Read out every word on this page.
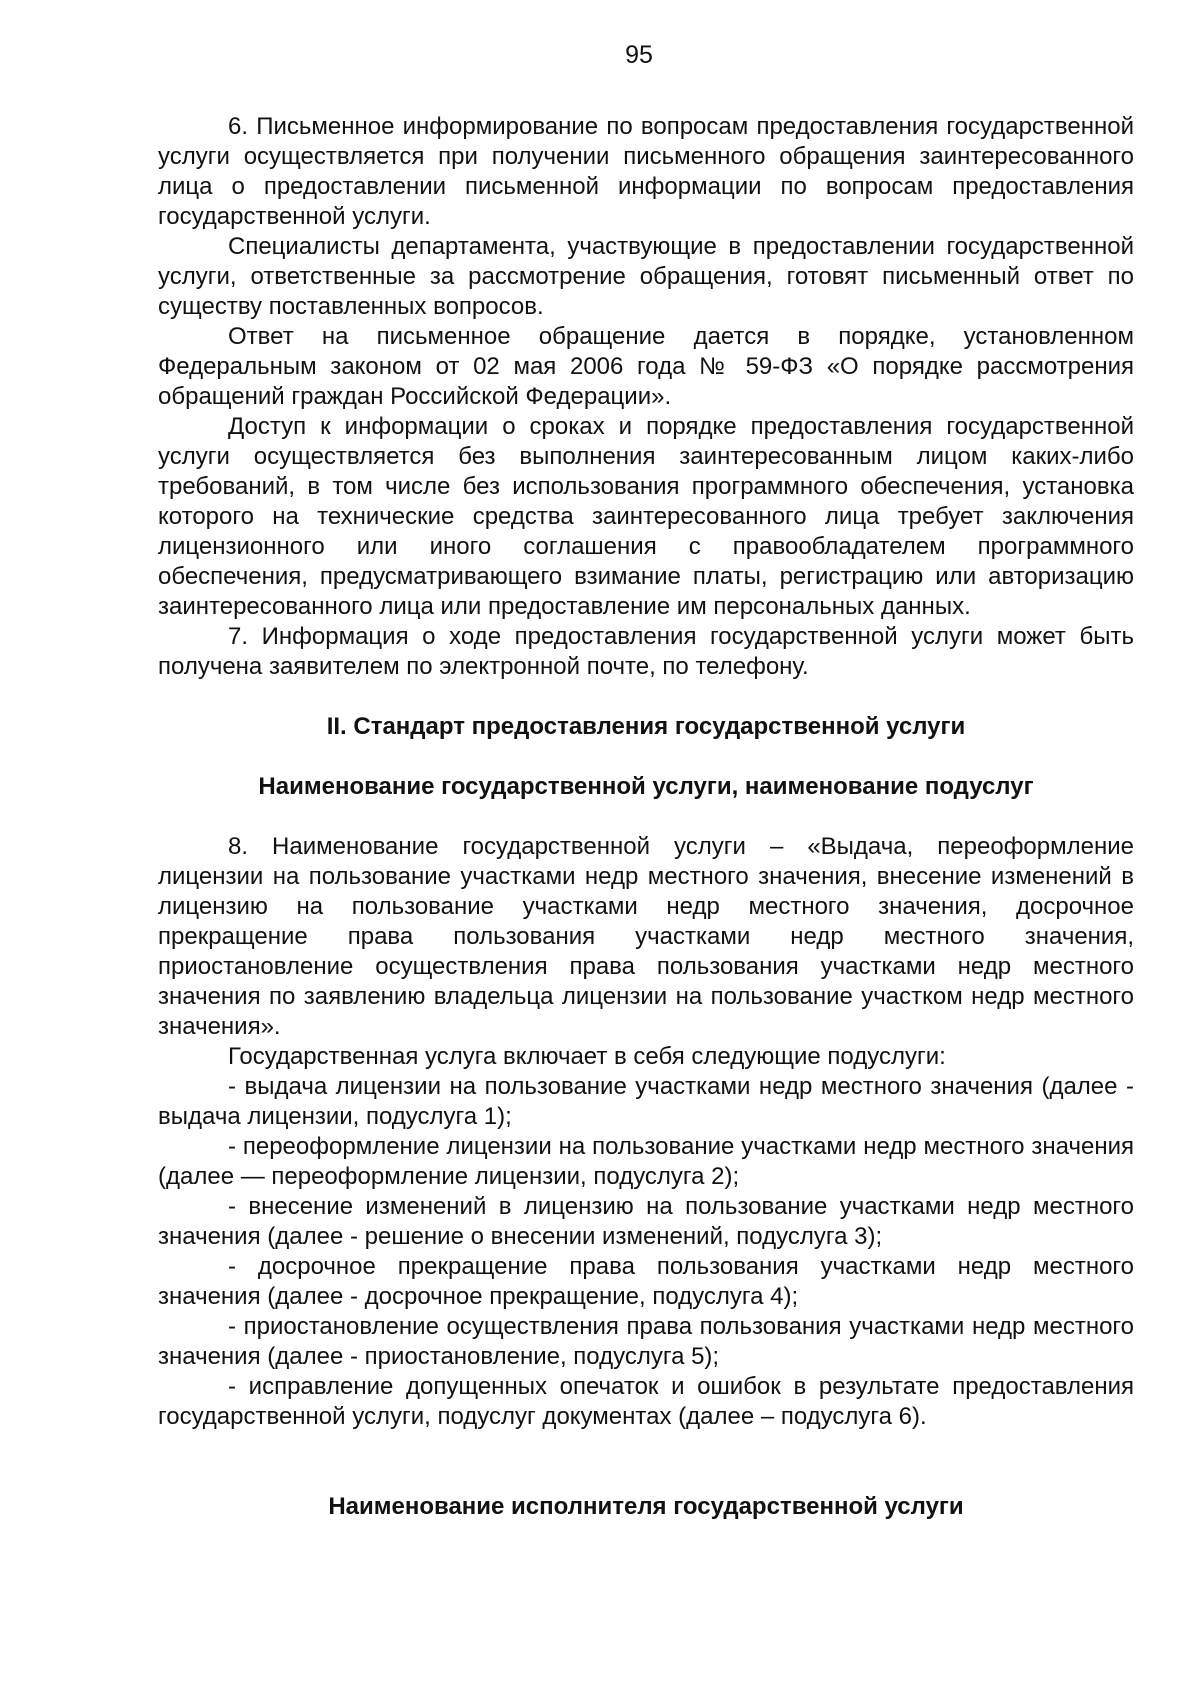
95

6. Письменное информирование по вопросам предоставления государственной услуги осуществляется при получении письменного обращения заинтересованного лица о предоставлении письменной информации по вопросам предоставления государственной услуги.

Специалисты департамента, участвующие в предоставлении государственной услуги, ответственные за рассмотрение обращения, готовят письменный ответ по существу поставленных вопросов.

Ответ на письменное обращение дается в порядке, установленном Федеральным законом от 02 мая 2006 года № 59-ФЗ «О порядке рассмотрения обращений граждан Российской Федерации».

Доступ к информации о сроках и порядке предоставления государственной услуги осуществляется без выполнения заинтересованным лицом каких-либо требований, в том числе без использования программного обеспечения, установка которого на технические средства заинтересованного лица требует заключения лицензионного или иного соглашения с правообладателем программного обеспечения, предусматривающего взимание платы, регистрацию или авторизацию заинтересованного лица или предоставление им персональных данных.

7. Информация о ходе предоставления государственной услуги может быть получена заявителем по электронной почте, по телефону.

II. Стандарт предоставления государственной услуги
Наименование государственной услуги, наименование подуслуг

8. Наименование государственной услуги – «Выдача, переоформление лицензии на пользование участками недр местного значения, внесение изменений в лицензию на пользование участками недр местного значения, досрочное прекращение права пользования участками недр местного значения, приостановление осуществления права пользования участками недр местного значения по заявлению владельца лицензии на пользование участком недр местного значения».

Государственная услуга включает в себя следующие подуслуги:

- выдача лицензии на пользование участками недр местного значения (далее - выдача лицензии, подуслуга 1);

- переоформление лицензии на пользование участками недр местного значения (далее — переоформление лицензии, подуслуга 2);

- внесение изменений в лицензию на пользование участками недр местного значения (далее - решение о внесении изменений, подуслуга 3);

- досрочное прекращение права пользования участками недр местного значения (далее - досрочное прекращение, подуслуга 4);

- приостановление осуществления права пользования участками недр местного значения (далее - приостановление, подуслуга 5);

- исправление допущенных опечаток и ошибок в результате предоставления государственной услуги, подуслуг документах (далее – подуслуга 6).

Наименование исполнителя государственной услуги
